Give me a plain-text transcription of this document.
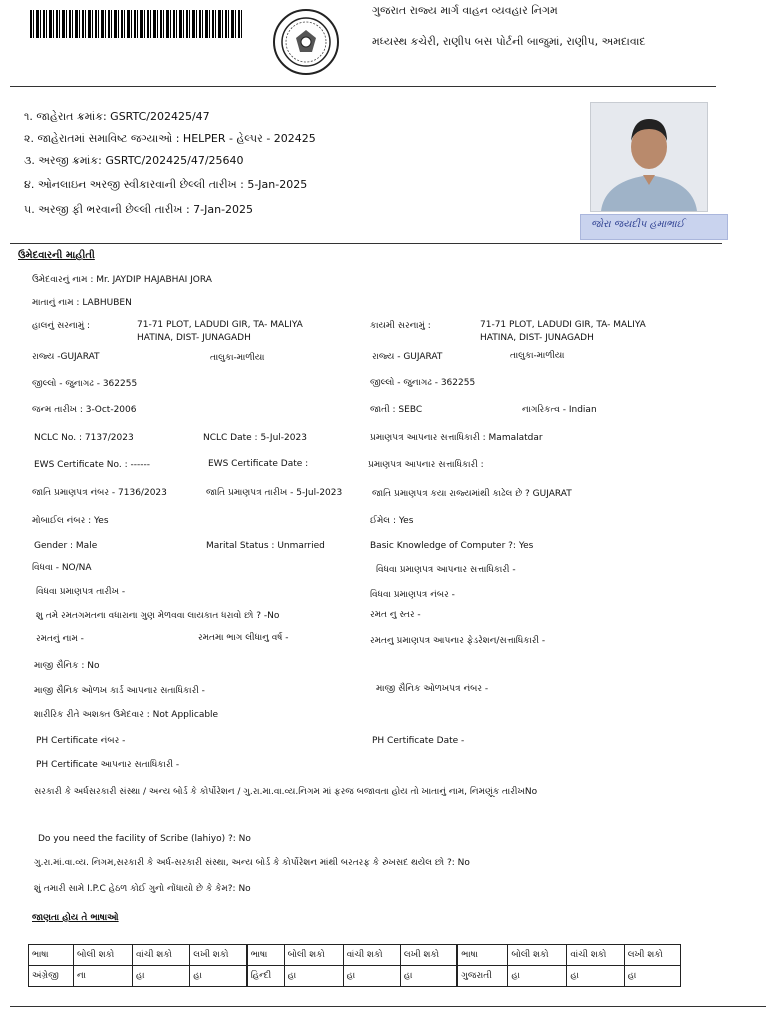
ગુજરાત રાજ્ય માર્ગ વાહન વ્યવહાર નિગમ
મધ્યસ્થ કચેરી, રાણીપ બસ પોર્ટની બાજુમાં, રાણીપ, અમદાવાદ
૧. જાહેરાત ક્રમાંક: GSRTC/202425/47
૨. જાહેરાતમાં સમાવિષ્ટ જગ્યાઓ : HELPER - હેલ્પર - 202425
૩. અરજી ક્રમાંક: GSRTC/202425/47/25640
૪. ઓનલાઇન અરજી સ્વીકારવાની છેલ્લી તારીખ : 5-Jan-2025
૫. અરજી ફી ભરવાની છેલ્લી તારીખ : 7-Jan-2025
જોરા જયદીપ હમાભાઈ
ઉમેદવારની માહીતી
ઉમેદવારનું નામ : Mr. JAYDIP HAJABHAI JORA
માતાનું નામ : LABHUBEN
હાલનું સરનામું :	71-71 PLOT, LADUDI GIR, TA- MALIYA
HATINA, DIST- JUNAGADH
કાયમી સરનામું :	71-71 PLOT, LADUDI GIR, TA- MALIYA
HATINA, DIST- JUNAGADH
રાજ્ય -GUJARAT	તાલુકા-માળીયા	રાજ્ય - GUJARAT	તાલુકા-માળીયા
જીલ્લો - જુનાગઢ - 362255	જીલ્લો - જુનાગઢ - 362255
જન્મ તારીખ : 3-Oct-2006	જાતી : SEBC	નાગરિકત્વ - Indian
NCLC No. : 7137/2023	NCLC Date : 5-Jul-2023	પ્રમાણપત્ર આપનાર સત્તાધિકારી : Mamalatdar
EWS Certificate No. : ------	EWS Certificate Date :	પ્રમાણપત્ર આપનાર સત્તાધિકારી :
જાતિ પ્રમાણપત્ર નંબર - 7136/2023	જાતિ પ્રમાણપત્ર તારીખ - 5-Jul-2023	જાતિ પ્રમાણપત્ર કયા રાજ્યમાંથી કાઢેલ છે ? GUJARAT
મોબાઈલ નંબર : Yes	ઈમેલ : Yes
Gender : Male	Marital Status : Unmarried	Basic Knowledge of Computer ?: Yes
વિધવા - NO/NA	વિધવા પ્રમાણપત્ર આપનાર સત્તાધિકારી -
વિધવા પ્રમાણપત્ર તારીખ -	વિધવા પ્રમાણપત્ર નંબર -
શુ તમે રમતગમતના વધારાના ગુણ મેળવવા લાયકાત ધરાવો છો ? -No	રમત નુ સ્તર -
રમતનું નામ -	રમતમા ભાગ લીધાનુ વર્ષ -	રમતનુ પ્રમાણપત્ર આપનાર ફેડરેશન/સત્તાધિકારી -
માજી સૈનિક : No
માજી સૈનિક ઓળખ કાર્ડ આપનાર સતાધિકારી -	માજી સૈનિક ઓળખપત્ર નંબર -
શારીરિક રીતે અશક્ત ઉમેદવાર : Not Applicable
PH Certificate નંબર -	PH Certificate Date -
PH Certificate આપનાર સતાધિકારી -
સરકારી કે અર્ધસરકારી સંસ્થા / અન્ય બોર્ડ કે કોર્પોરેશન / ગુ.રા.મા.વા.વ્ય.નિગમ માં ફરજ બજાવતા હોય તો ખાતાનું નામ, નિમણૂંક તારીખNo
Do you need the facility of Scribe (lahiyo) ?: No
ગુ.રા.માં.વા.વ્ય. નિગમ,સરકારી કે અર્ધ-સરકારી સંસ્થા, અન્ય બોર્ડ કે કોર્પોરેશન માંથી બરતરફ કે રુખસદ થયેલ છો ?: No
શું તમારી સામે I.P.C હેઠળ કોઈ ગુનો નોંધાયો છે કે કેમ?: No
જાણતા હોય તે ભાષાઓ
ભાષા	બોલી શકો	વાંચી શકો	લખી શકો	ભાષા	બોલી શકો	વાંચી શકો	લખી શકો	ભાષા	બોલી શકો	વાંચી શકો	લખી શકો
અંગ્રેજી	ના	હા	હા	હિન્દી	હા	હા	હા	ગુજરાતી	હા	હા	હા
